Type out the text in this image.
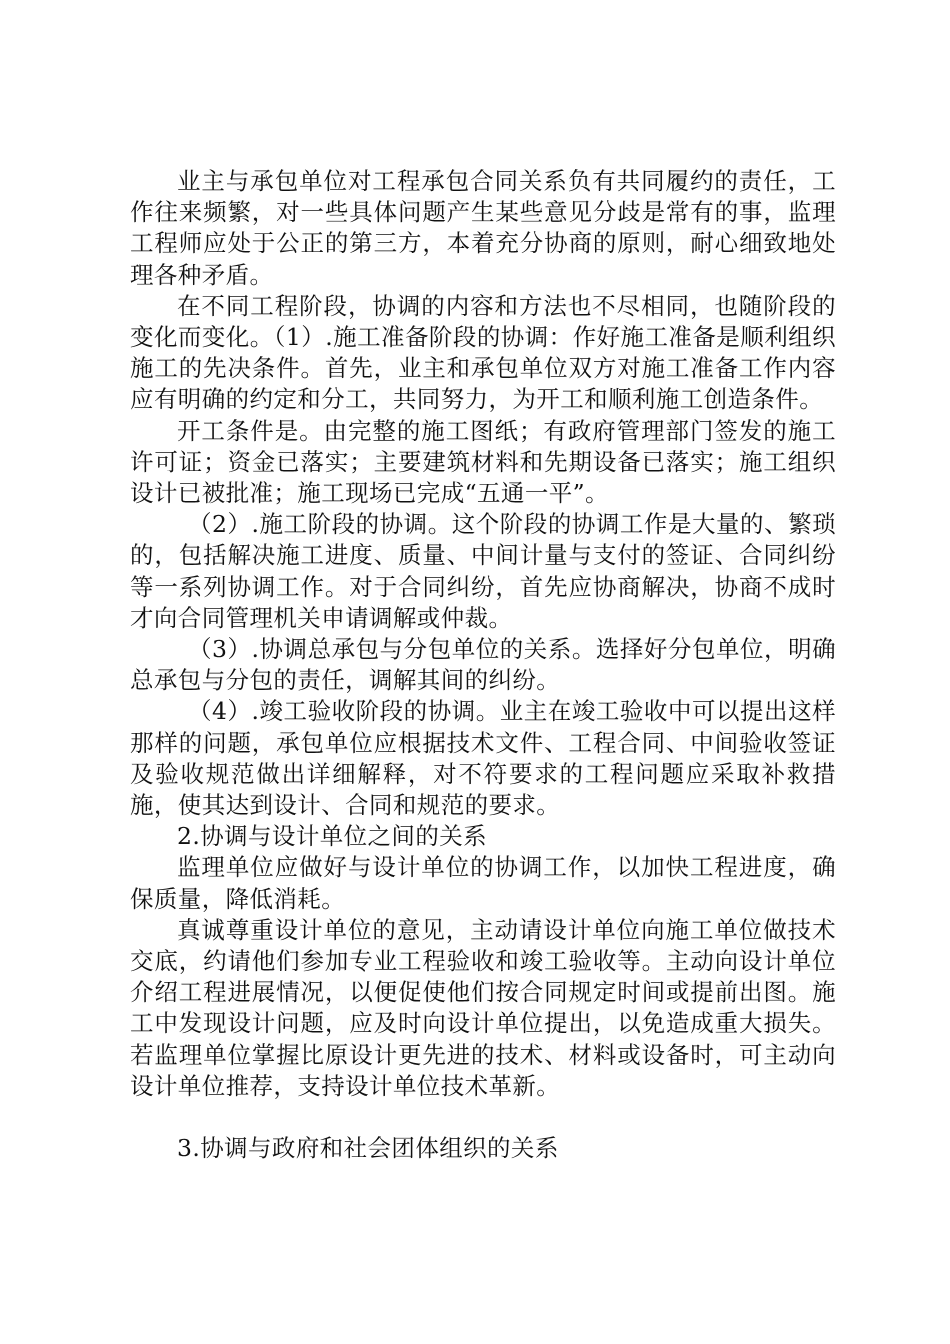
业主与承包单位对工程承包合同关系负有共同履约的责任，工作往来频繁，对一些具体问题产生某些意见分歧是常有的事，监理工程师应处于公正的第三方，本着充分协商的原则，耐心细致地处理各种矛盾。

在不同工程阶段，协调的内容和方法也不尽相同，也随阶段的变化而变化。（1）.施工准备阶段的协调：作好施工准备是顺利组织施工的先决条件。首先，业主和承包单位双方对施工准备工作内容应有明确的约定和分工，共同努力，为开工和顺利施工创造条件。

开工条件是。由完整的施工图纸；有政府管理部门签发的施工许可证；资金已落实；主要建筑材料和先期设备已落实；施工组织设计已被批准；施工现场已完成“五通一平”。

（2）.施工阶段的协调。这个阶段的协调工作是大量的、繁琐的，包括解决施工进度、质量、中间计量与支付的签证、合同纠纷等一系列协调工作。对于合同纠纷，首先应协商解决，协商不成时才向合同管理机关申请调解或仲裁。

（3）.协调总承包与分包单位的关系。选择好分包单位，明确总承包与分包的责任，调解其间的纠纷。

（4）.竣工验收阶段的协调。业主在竣工验收中可以提出这样那样的问题，承包单位应根据技术文件、工程合同、中间验收签证及验收规范做出详细解释，对不符要求的工程问题应采取补救措施，使其达到设计、合同和规范的要求。

2.协调与设计单位之间的关系

监理单位应做好与设计单位的协调工作，以加快工程进度，确保质量，降低消耗。

真诚尊重设计单位的意见，主动请设计单位向施工单位做技术交底，约请他们参加专业工程验收和竣工验收等。主动向设计单位介绍工程进展情况，以便促使他们按合同规定时间或提前出图。施工中发现设计问题，应及时向设计单位提出，以免造成重大损失。若监理单位掌握比原设计更先进的技术、材料或设备时，可主动向设计单位推荐，支持设计单位技术革新。

3.协调与政府和社会团体组织的关系
